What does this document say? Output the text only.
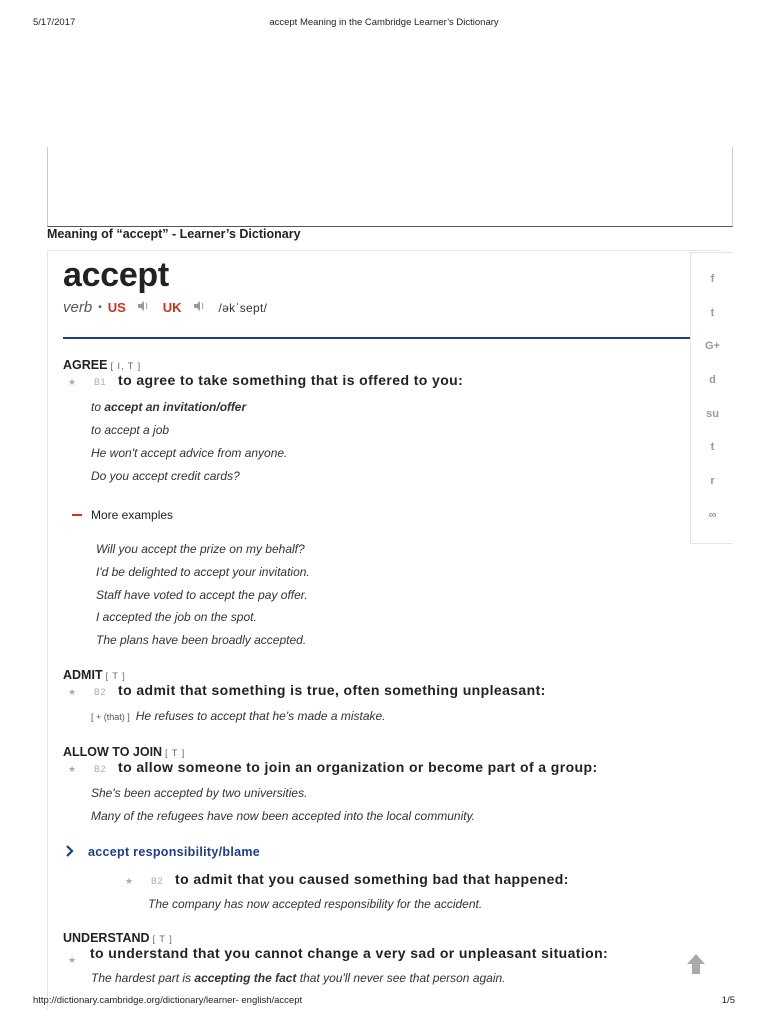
5/17/2017	accept Meaning in the Cambridge Learner’s Dictionary
Meaning of “accept” - Learner’s Dictionary
accept
verb • US	UK	/əkˈsept/
AGREE [ I, T ]
★	B1 to agree to take something that is offered to you:
to accept an invitation/offer
to accept a job
He won't accept advice from anyone.
Do you accept credit cards?
More examples
Will you accept the prize on my behalf?
I'd be delighted to accept your invitation.
Staff have voted to accept the pay offer.
I accepted the job on the spot.
The plans have been broadly accepted.
ADMIT [ T ]
★	B2 to admit that something is true, often something unpleasant:
[ + (that) ] He refuses to accept that he's made a mistake.
ALLOW TO JOIN [ T ]
★	B2 to allow someone to join an organization or become part of a group:
She's been accepted by two universities.
Many of the refugees have now been accepted into the local community.
accept responsibility/blame
★	B2 to admit that you caused something bad that happened:
The company has now accepted responsibility for the accident.
UNDERSTAND [ T ]
★ to understand that you cannot change a very sad or unpleasant situation:
The hardest part is accepting the fact that you'll never see that person again.
f
t
G+
d
su
t
r
∞
http://dictionary.cambridge.org/dictionary/learner- english/accept	1/5
